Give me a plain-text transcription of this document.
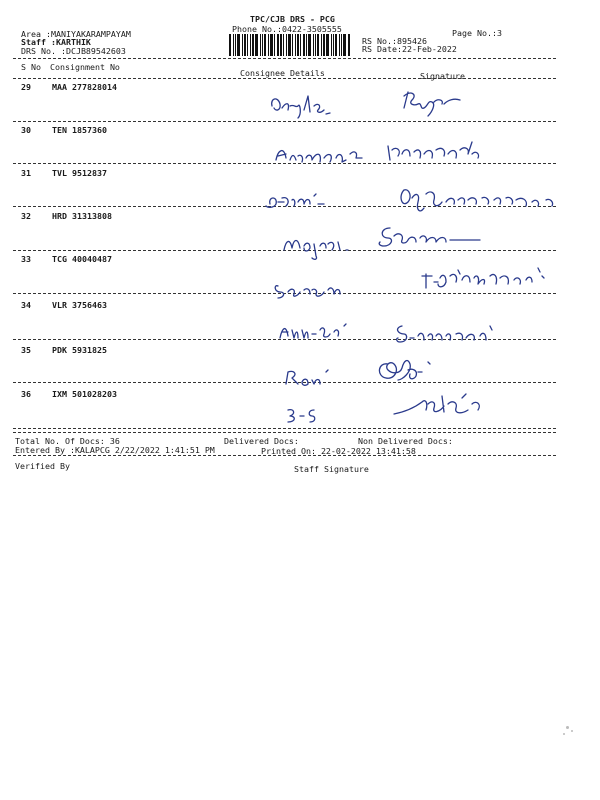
TPC/CJB DRS - PCG
Phone No.:0422-3505555
Area :MANIYAKARAMPAYAM
Staff :KARTHIK
DRS No. :DCJB89542603
Page No.:3
RS No.:895426
RS Date:22-Feb-2022
S No Consignment No
Consignee Details	Signature
29	MAA 277828014
30	TEN 1857360
31	TVL 9512837
32	HRD 31313808
33	TCG 40040487
34	VLR 3756463
35	PDK 5931825
36	IXM 501028203
Total No. Of Docs: 36	Delivered Docs:	Non Delivered Docs:
Entered By :KALAPCG 2/22/2022 1:41:51 PM	Printed On: 22-02-2022 13:41:58
Verified By	Staff Signature
